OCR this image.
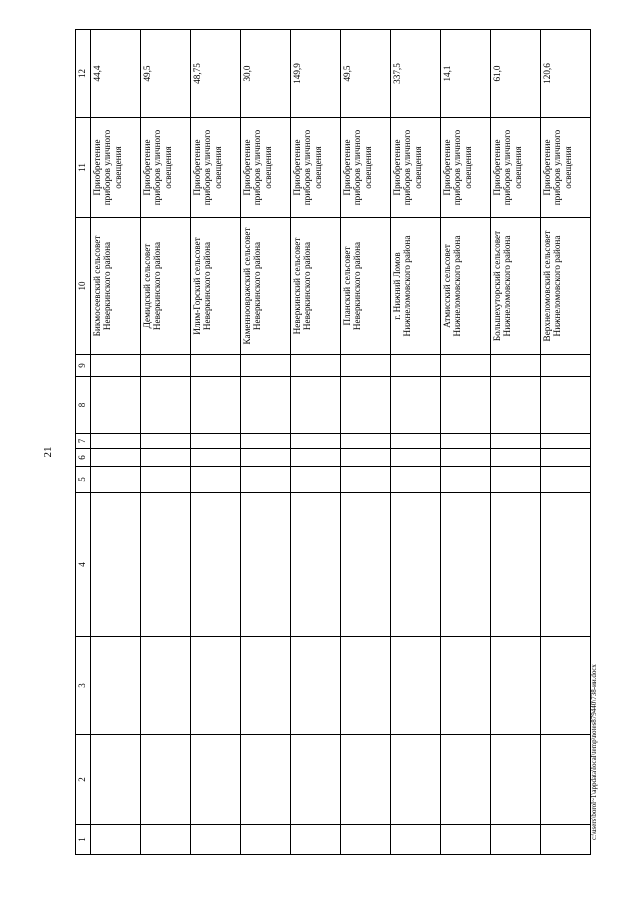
21
1	2	3	4	5	6	7	8	9	10	11	12
									Бикмосеевский сельсовет Неверкинского района	Приобретение приборов уличного освещения	44,4
									Демидский сельсовет Неверкинского района	Приобретение приборов уличного освещения	49,5
									Илим-Горский сельсовет Неверкинского района	Приобретение приборов уличного освещения	48,75
									Каменноовражский сельсовет Неверкинского района	Приобретение приборов уличного освещения	30,0
									Неверкинский сельсовет Неверкинского района	Приобретение приборов уличного освещения	149,9
									Планский сельсовет Неверкинского района	Приобретение приборов уличного освещения	49,5
									г. Нижний Ломов Нижнеломовского района	Приобретение приборов уличного освещения	337,5
									Атмисский сельсовет Нижнеломовского района	Приобретение приборов уличного освещения	14,1
									Большехуторский сельсовет Нижнеломовского района	Приобретение приборов уличного освещения	61,0
									Верхнеломовский сельсовет Нижнеломовского района	Приобретение приборов уличного освещения	120,6
c:\users\borol~1\appdata\local\temp\notes879440\738-ии.docx
